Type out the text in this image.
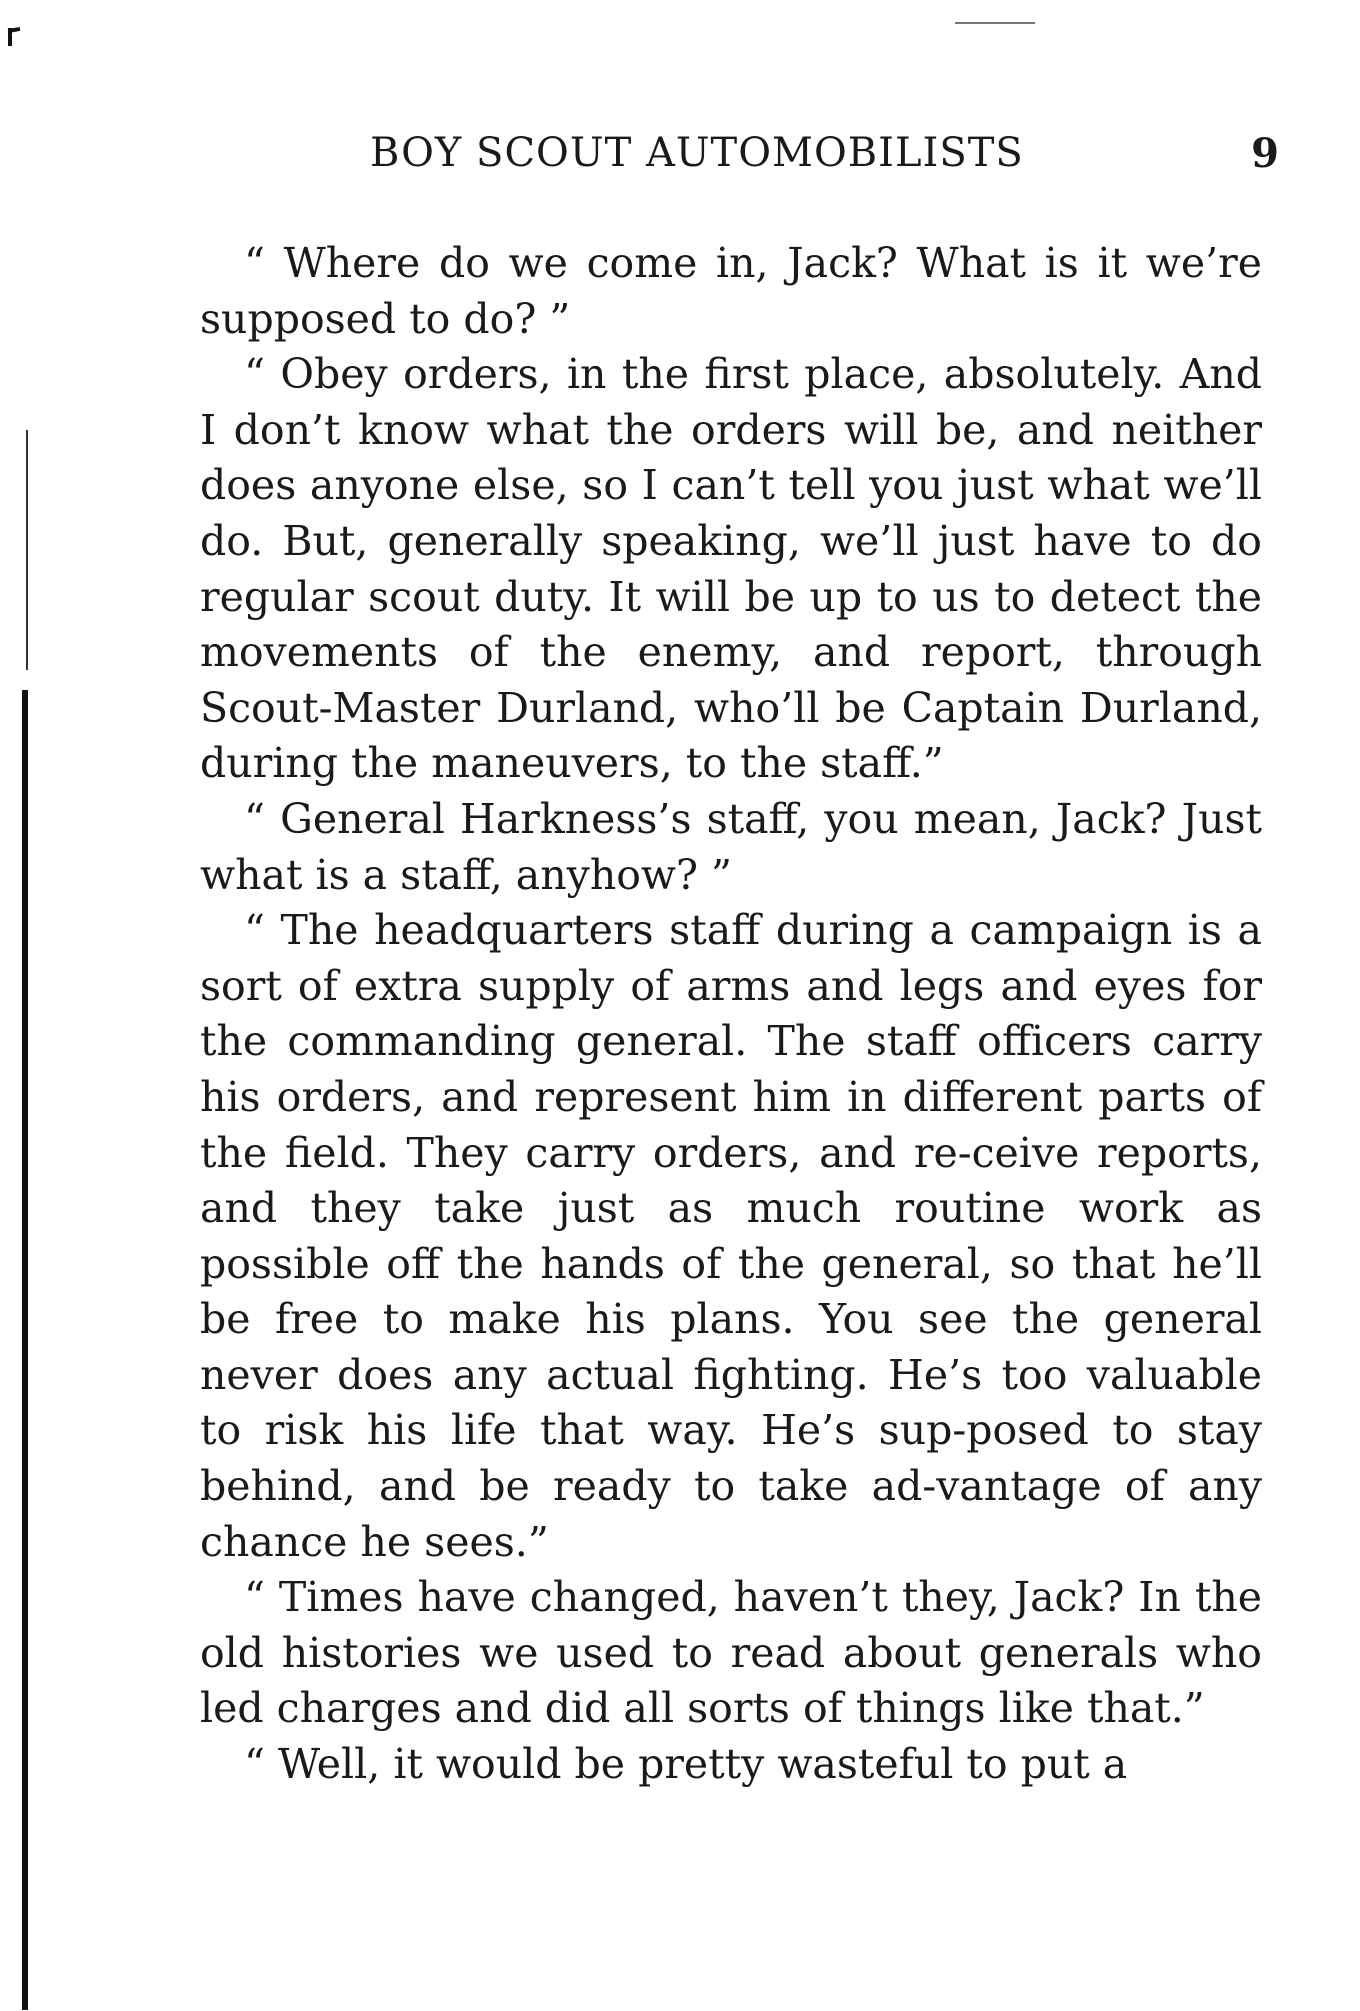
BOY SCOUT AUTOMOBILISTS	9

“ Where do we come in, Jack? What is it we’re supposed to do? ”

“ Obey orders, in the first place, absolutely. And I don’t know what the orders will be, and neither does anyone else, so I can’t tell you just what we’ll do. But, generally speaking, we’ll just have to do regular scout duty. It will be up to us to detect the movements of the enemy, and report, through Scout-Master Durland, who’ll be Captain Durland, during the maneuvers, to the staff.”

“ General Harkness’s staff, you mean, Jack? Just what is a staff, anyhow? ”

“ The headquarters staff during a campaign is a sort of extra supply of arms and legs and eyes for the commanding general. The staff officers carry his orders, and represent him in different parts of the field. They carry orders, and re-ceive reports, and they take just as much routine work as possible off the hands of the general, so that he’ll be free to make his plans. You see the general never does any actual fighting. He’s too valuable to risk his life that way. He’s sup-posed to stay behind, and be ready to take ad-vantage of any chance he sees.”

“ Times have changed, haven’t they, Jack? In the old histories we used to read about generals who led charges and did all sorts of things like that.”

“ Well, it would be pretty wasteful to put a
